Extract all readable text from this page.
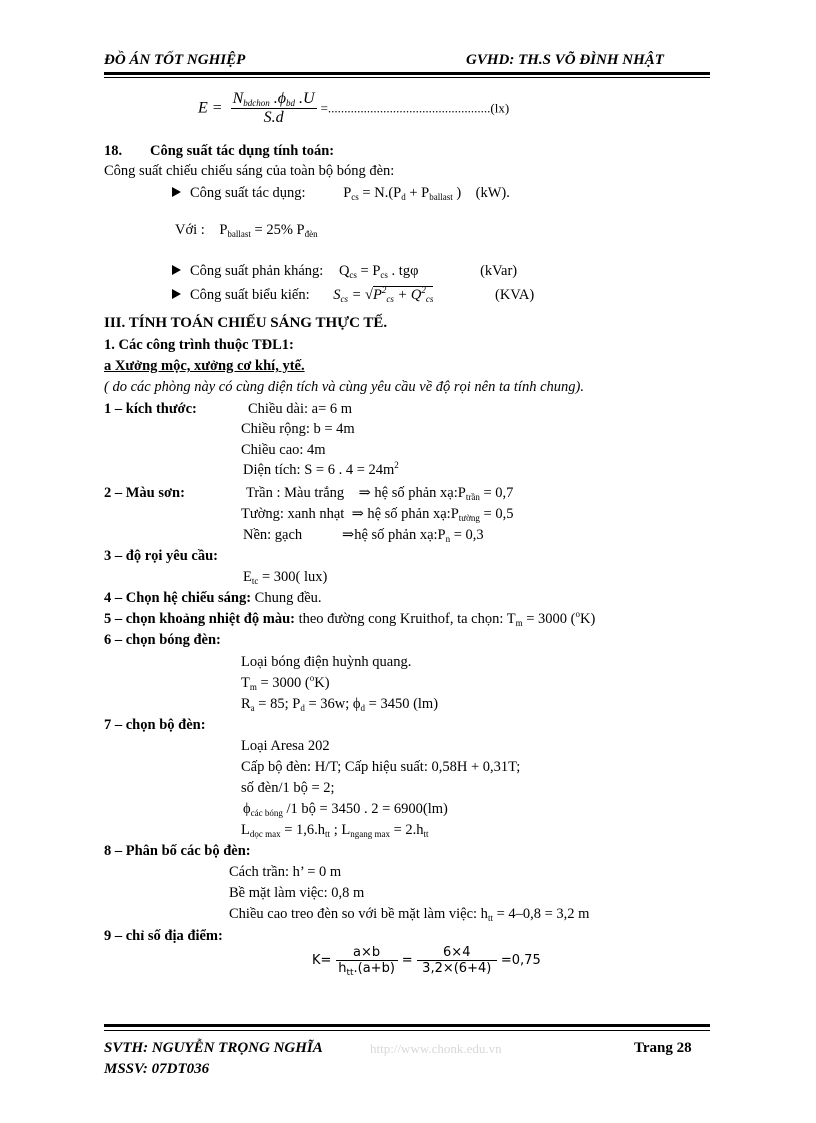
ĐỒ ÁN TỐT NGHIỆP	GVHD: TH.S VÕ ĐÌNH NHẬT
$E = \frac{N_{bdchon} .\phi_{bd} .U}{S.d} =..................................................(lx)$
18. Công suất tác dụng tính toán:
Công suất chiếu chiếu sáng của toàn bộ bóng đèn:
Công suất tác dụng: $P_{cs} = N.(P_d + P_{ballast}$ )    (kW).
Với :    $P_{ballast} = 25\%$ $P_{đèn}$
Công suất phản kháng: $Q_{cs} = P_{cs}$ . tgφ	(kVar)
Công suất biểu kiến: $S_{cs} = √P^2_{cs} + Q^2_{cs}$	(KVA)
III. TÍNH TOÁN CHIẾU SÁNG THỰC TẾ.
1. Các công trình thuộc TĐL1:
a Xưởng mộc, xưởng cơ khí, ytế.
( do các phòng này có cùng diện tích và cùng yêu cầu về độ rọi nên ta tính chung).
1 – kích thước:	Chiều dài: a= 6 m
Chiều rộng: b = 4m
Chiều cao: 4m
Diện tích: S = 6 . $4 = 24m^2$
2 – Màu sơn:	Trần : Màu trắng    ⇒ hệ số phản $xạ:P_{trần} = 0,7$
Tường: xanh nhạt  ⇒ hệ số phản $xạ:P_{tường} = 0,5$
Nền: gạch           ⇒hệ số phản $xạ:P_n = 0,3$
3 – độ rọi yêu cầu:
$E_{tc} = 300$( lux)
4 – Chọn hệ chiếu sáng: Chung đều.
5 – chọn khoảng nhiệt độ màu: theo đường cong Kruithof, ta chọn: $T_m = 3000$ ($^o$K)
6 – chọn bóng đèn:
Loại bóng điện huỳnh quang.
$T_m = 3000$ ($^o$K)
$R_a = 85$; $P_d = 36w$; $\phi_d = 3450$ (lm)
7 – chọn bộ đèn:
Loại Aresa 202
Cấp bộ đèn: H/T; Cấp hiệu suất: 0,58H + 0,31T;
số đèn/1 bộ = 2;
$\phi_{các bóng}$ /1 bộ = 3450 . 2 = 6900(lm)
$L_{dọc max} = 1,6.h_{tt}$ ; $L_{ngang max} = 2.h_{tt}$
8 – Phân bố các bộ đèn:
Cách trần: h’ = 0 m
Bề mặt làm việc: 0,8 m
Chiều cao treo đèn so với bề mặt làm việc: $h_{tt} = 4-0,8 = 3,2$ m
9 – chỉ số địa điểm:
$K= \frac{a\times b}{h_{tt}.(a+b)} = \frac{6\times 4}{3,2\times(6+4)} =0,75$
SVTH: NGUYỄN TRỌNG NGHĨA	http://www.chonk.edu.vn	Trang 28
MSSV: 07DT036
